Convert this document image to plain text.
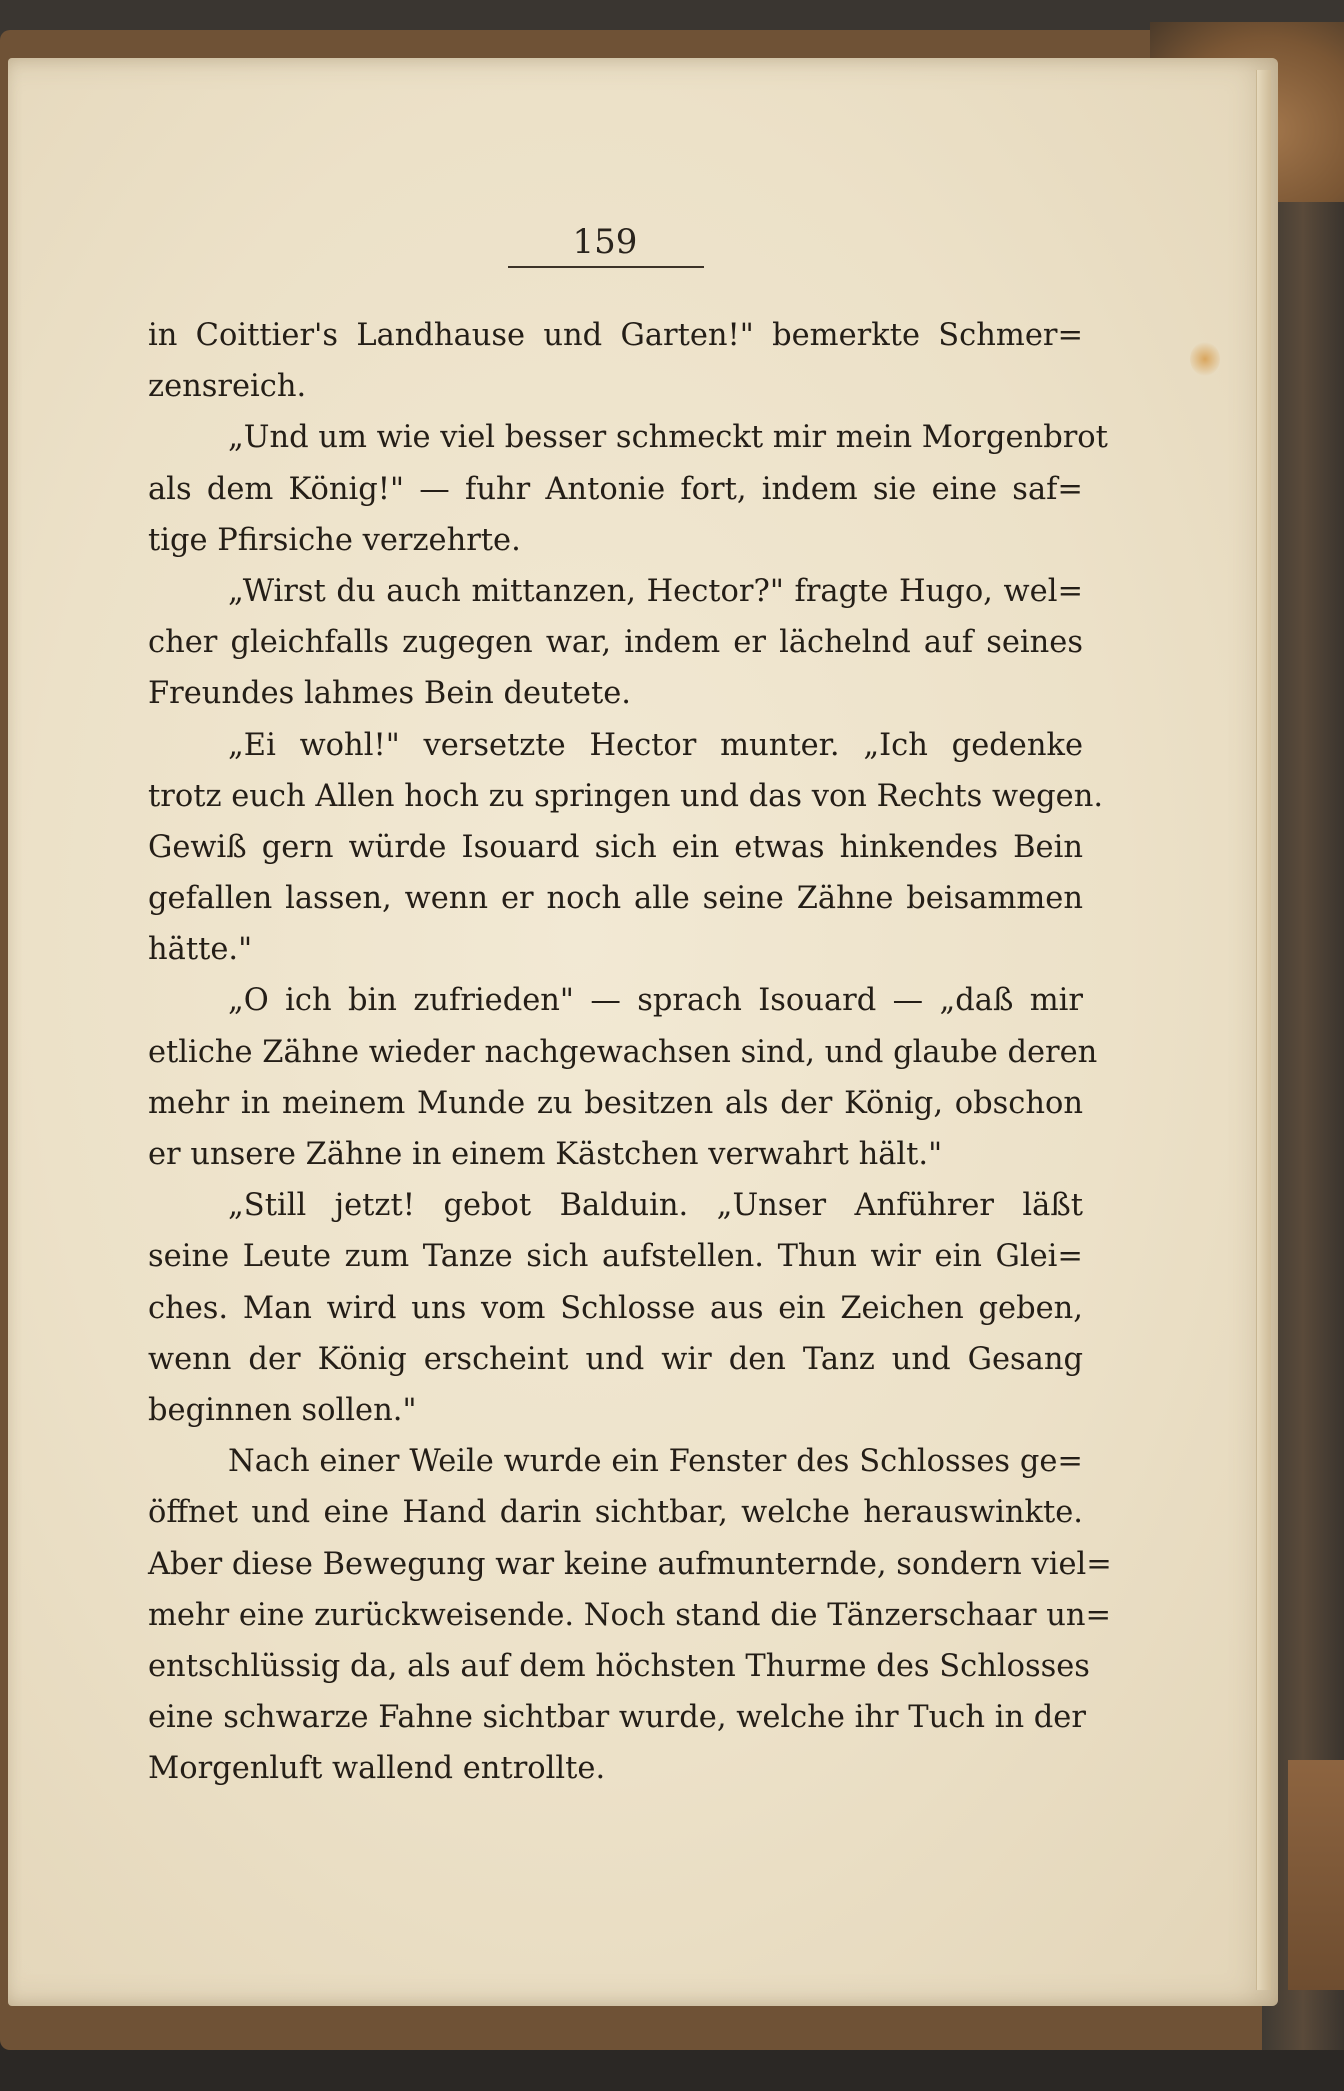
159
in Coittier's Landhause und Garten!" bemerkte Schmer=
zensreich.
„Und um wie viel besser schmeckt mir mein Morgenbrot
als dem König!" — fuhr Antonie fort, indem sie eine saf=
tige Pfirsiche verzehrte.
„Wirst du auch mittanzen, Hector?" fragte Hugo, wel=
cher gleichfalls zugegen war, indem er lächelnd auf seines
Freundes lahmes Bein deutete.
„Ei wohl!" versetzte Hector munter. „Ich gedenke
trotz euch Allen hoch zu springen und das von Rechts wegen.
Gewiß gern würde Isouard sich ein etwas hinkendes Bein
gefallen lassen, wenn er noch alle seine Zähne beisammen
hätte."
„O ich bin zufrieden" — sprach Isouard — „daß mir
etliche Zähne wieder nachgewachsen sind, und glaube deren
mehr in meinem Munde zu besitzen als der König, obschon
er unsere Zähne in einem Kästchen verwahrt hält."
„Still jetzt! gebot Balduin. „Unser Anführer läßt
seine Leute zum Tanze sich aufstellen. Thun wir ein Glei=
ches. Man wird uns vom Schlosse aus ein Zeichen geben,
wenn der König erscheint und wir den Tanz und Gesang
beginnen sollen."
Nach einer Weile wurde ein Fenster des Schlosses ge=
öffnet und eine Hand darin sichtbar, welche herauswinkte.
Aber diese Bewegung war keine aufmunternde, sondern viel=
mehr eine zurückweisende. Noch stand die Tänzerschaar un=
entschlüssig da, als auf dem höchsten Thurme des Schlosses
eine schwarze Fahne sichtbar wurde, welche ihr Tuch in der
Morgenluft wallend entrollte.
